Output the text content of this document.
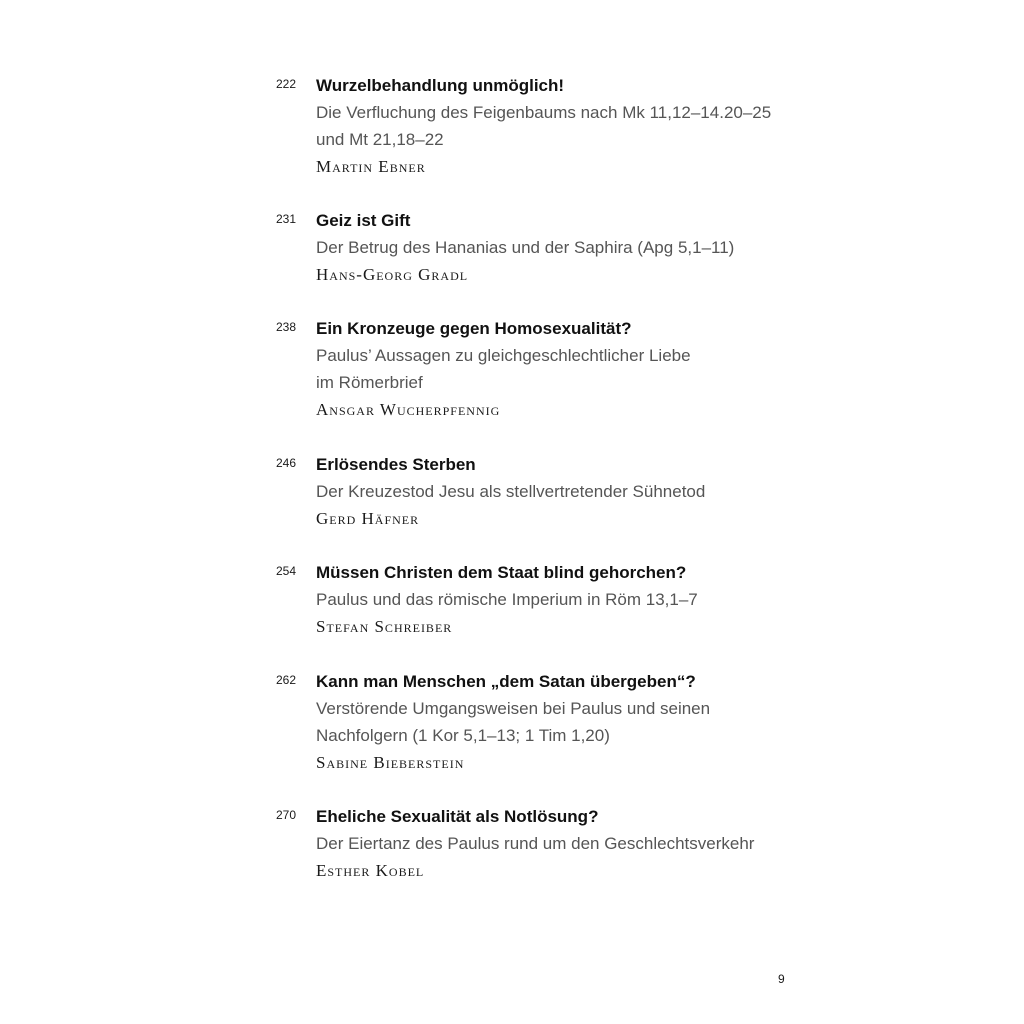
222	Wurzelbehandlung unmöglich!
Die Verfluchung des Feigenbaums nach Mk 11,12–14.20–25
und Mt 21,18–22
Martin Ebner
231	Geiz ist Gift
Der Betrug des Hananias und der Saphira (Apg 5,1–11)
Hans-Georg Gradl
238	Ein Kronzeuge gegen Homosexualität?
Paulus’ Aussagen zu gleichgeschlechtlicher Liebe
im Römerbrief
Ansgar Wucherpfennig
246	Erlösendes Sterben
Der Kreuzestod Jesu als stellvertretender Sühnetod
Gerd Häfner
254	Müssen Christen dem Staat blind gehorchen?
Paulus und das römische Imperium in Röm 13,1–7
Stefan Schreiber
262	Kann man Menschen „dem Satan übergeben“?
Verstörende Umgangsweisen bei Paulus und seinen
Nachfolgern (1 Kor 5,1–13; 1 Tim 1,20)
Sabine Bieberstein
270	Eheliche Sexualität als Notlösung?
Der Eiertanz des Paulus rund um den Geschlechtsverkehr
Esther Kobel
9
